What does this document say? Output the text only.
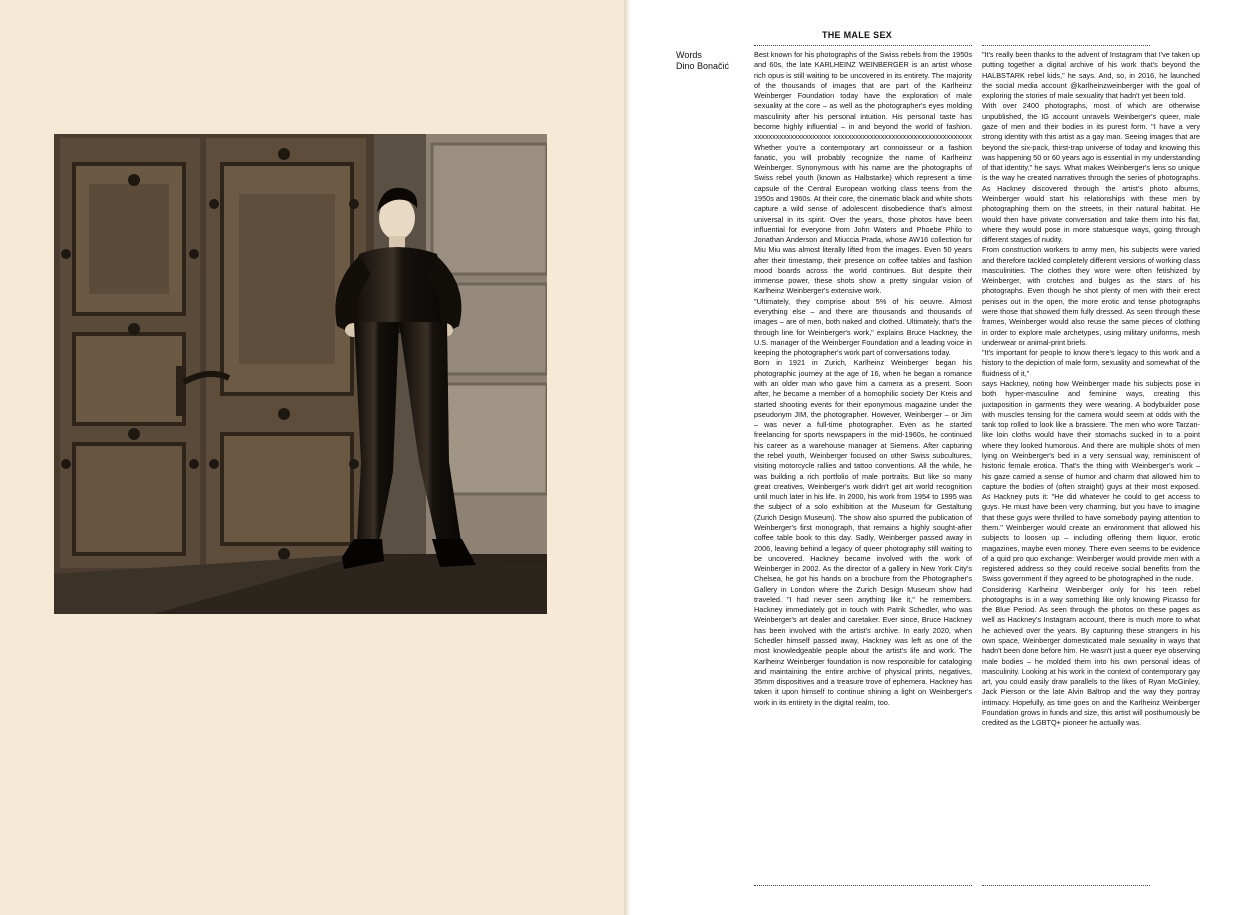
THE MALE SEX
Words
Dino Bonačić

Best known for his photographs of the Swiss rebels from the 1950s and 60s, the late KARLHEINZ WEINBERGER is an artist whose rich opus is still waiting to be uncovered in its entirety. The majority of the thousands of images that are part of the Karlheinz Weinberger Foundation today have the exploration of male sexuality at the core – as well as the photographer's eyes molding masculinity after his personal intuition. His personal taste has become highly influential – in and beyond the world of fashion. xxxxxxxxxxxxxxxxxxxxx xxxxxxxxxxxxxxxxxxxxxxxxxxxxxxxxxxxxxx Whether you're a contemporary art connoisseur or a fashion fanatic, you will probably recognize the name of Karlheinz Weinberger. Synonymous with his name are the photographs of Swiss rebel youth (known as Halbstarke) which represent a time capsule of the Central European working class teens from the 1950s and 1960s. At their core, the cinematic black and white shots capture a wild sense of adolescent disobedience that's almost universal in its spirit. Over the years, those photos have been influential for everyone from John Waters and Phoebe Philo to Jonathan Anderson and Miuccia Prada, whose AW16 collection for Miu Miu was almost literally lifted from the images. Even 50 years after their timestamp, their presence on coffee tables and fashion mood boards across the world continues. But despite their immense power, these shots show a pretty singular vision of Karlheinz Weinberger's extensive work.

"Ultimately, they comprise about 5% of his oeuvre. Almost everything else – and there are thousands and thousands of images – are of men, both naked and clothed. Ultimately, that's the through line for Weinberger's work," explains Bruce Hackney, the U.S. manager of the Weinberger Foundation and a leading voice in keeping the photographer's work part of conversations today.

Born in 1921 in Zurich, Karlheinz Weinberger began his photographic journey at the age of 16, when he began a romance with an older man who gave him a camera as a present. Soon after, he became a member of a homophilic society Der Kreis and started shooting events for their eponymous magazine under the pseudonym JIM, the photographer. However, Weinberger – or Jim – was never a full-time photographer. Even as he started freelancing for sports newspapers in the mid-1960s, he continued his career as a warehouse manager at Siemens. After capturing the rebel youth, Weinberger focused on other Swiss subcultures, visiting motorcycle rallies and tattoo conventions. All the while, he was building a rich portfolio of male portraits. But like so many great creatives, Weinberger's work didn't get art world recognition until much later in his life. In 2000, his work from 1954 to 1995 was the subject of a solo exhibition at the Museum für Gestaltung (Zurich Design Museum). The show also spurred the publication of Weinberger's first monograph, that remains a highly sought-after coffee table book to this day. Sadly, Weinberger passed away in 2006, leaving behind a legacy of queer photography still waiting to be uncovered. Hackney became involved with the work of Weinberger in 2002. As the director of a gallery in New York City's Chelsea, he got his hands on a brochure from the Photographer's Gallery in London where the Zurich Design Museum show had traveled. "I had never seen anything like it," he remembers. Hackney immediately got in touch with Patrik Schedler, who was Weinberger's art dealer and caretaker. Ever since, Bruce Hackney has been involved with the artist's archive. In early 2020, when Schedler himself passed away, Hackney was left as one of the most knowledgeable people about the artist's life and work. The Karlheinz Weinberger foundation is now responsible for cataloging and maintaining the entire archive of physical prints, negatives, 35mm dispositives and a treasure trove of ephemera. Hackney has taken it upon himself to continue shining a light on Weinberger's work in its entirety in the digital realm, too.

"It's really been thanks to the advent of Instagram that I've taken up putting together a digital archive of his work that's beyond the HALBSTARK rebel kids," he says. And, so, in 2016, he launched the social media account @karlheinzweinberger with the goal of exploring the stories of male sexuality that hadn't yet been told.

With over 2400 photographs, most of which are otherwise unpublished, the IG account unravels Weinberger's queer, male gaze of men and their bodies in its purest form. "I have a very strong identity with this artist as a gay man. Seeing images that are beyond the six-pack, thirst-trap universe of today and knowing this was happening 50 or 60 years ago is essential in my understanding of that identity," he says. What makes Weinberger's lens so unique is the way he created narratives through the series of photographs. As Hackney discovered through the artist's photo albums, Weinberger would start his relationships with these men by photographing them on the streets, in their natural habitat. He would then have private conversation and take them into his flat, where they would pose in more statuesque ways, going through different stages of nudity.

From construction workers to army men, his subjects were varied and therefore tackled completely different versions of working class masculinities. The clothes they wore were often fetishized by Weinberger, with crotches and bulges as the stars of his photographs. Even though he shot plenty of men with their erect penises out in the open, the more erotic and tense photographs were those that showed them fully dressed. As seen through these frames, Weinberger would also reuse the same pieces of clothing in order to explore male archetypes, using military uniforms, mesh underwear or animal-print briefs.

"It's important for people to know there's legacy to this work and a history to the depiction of male form, sexuality and somewhat of the fluidness of it,"

says Hackney, noting how Weinberger made his subjects pose in both hyper-masculine and feminine ways, creating this juxtaposition in garments they were wearing. A bodybuilder pose with muscles tensing for the camera would seem at odds with the tank top rolled to look like a brassiere. The men who wore Tarzan-like loin cloths would have their stomachs sucked in to a point where they looked humorous. And there are multiple shots of men lying on Weinberger's bed in a very sensual way, reminiscent of historic female erotica. That's the thing with Weinberger's work – his gaze carried a sense of humor and charm that allowed him to capture the bodies of (often straight) guys at their most exposed. As Hackney puts it: "He did whatever he could to get access to guys. He must have been very charming, but you have to imagine that these guys were thrilled to have somebody paying attention to them." Weinberger would create an environment that allowed his subjects to loosen up – including offering them liquor, erotic magazines, maybe even money. There even seems to be evidence of a quid pro quo exchange: Weinberger would provide men with a registered address so they could receive social benefits from the Swiss government if they agreed to be photographed in the nude.

Considering Karlheinz Weinberger only for his teen rebel photographs is in a way something like only knowing Picasso for the Blue Period. As seen through the photos on these pages as well as Hackney's Instagram account, there is much more to what he achieved over the years. By capturing these strangers in his own space, Weinberger domesticated male sexuality in ways that hadn't been done before him. He wasn't just a queer eye observing male bodies – he molded them into his own personal ideas of masculinity. Looking at his work in the context of contemporary gay art, you could easily draw parallels to the likes of Ryan McGinley, Jack Pierson or the late Alvin Baltrop and the way they portray intimacy. Hopefully, as time goes on and the Karlheinz Weinberger Foundation grows in funds and size, this artist will posthumously be credited as the LGBTQ+ pioneer he actually was.
